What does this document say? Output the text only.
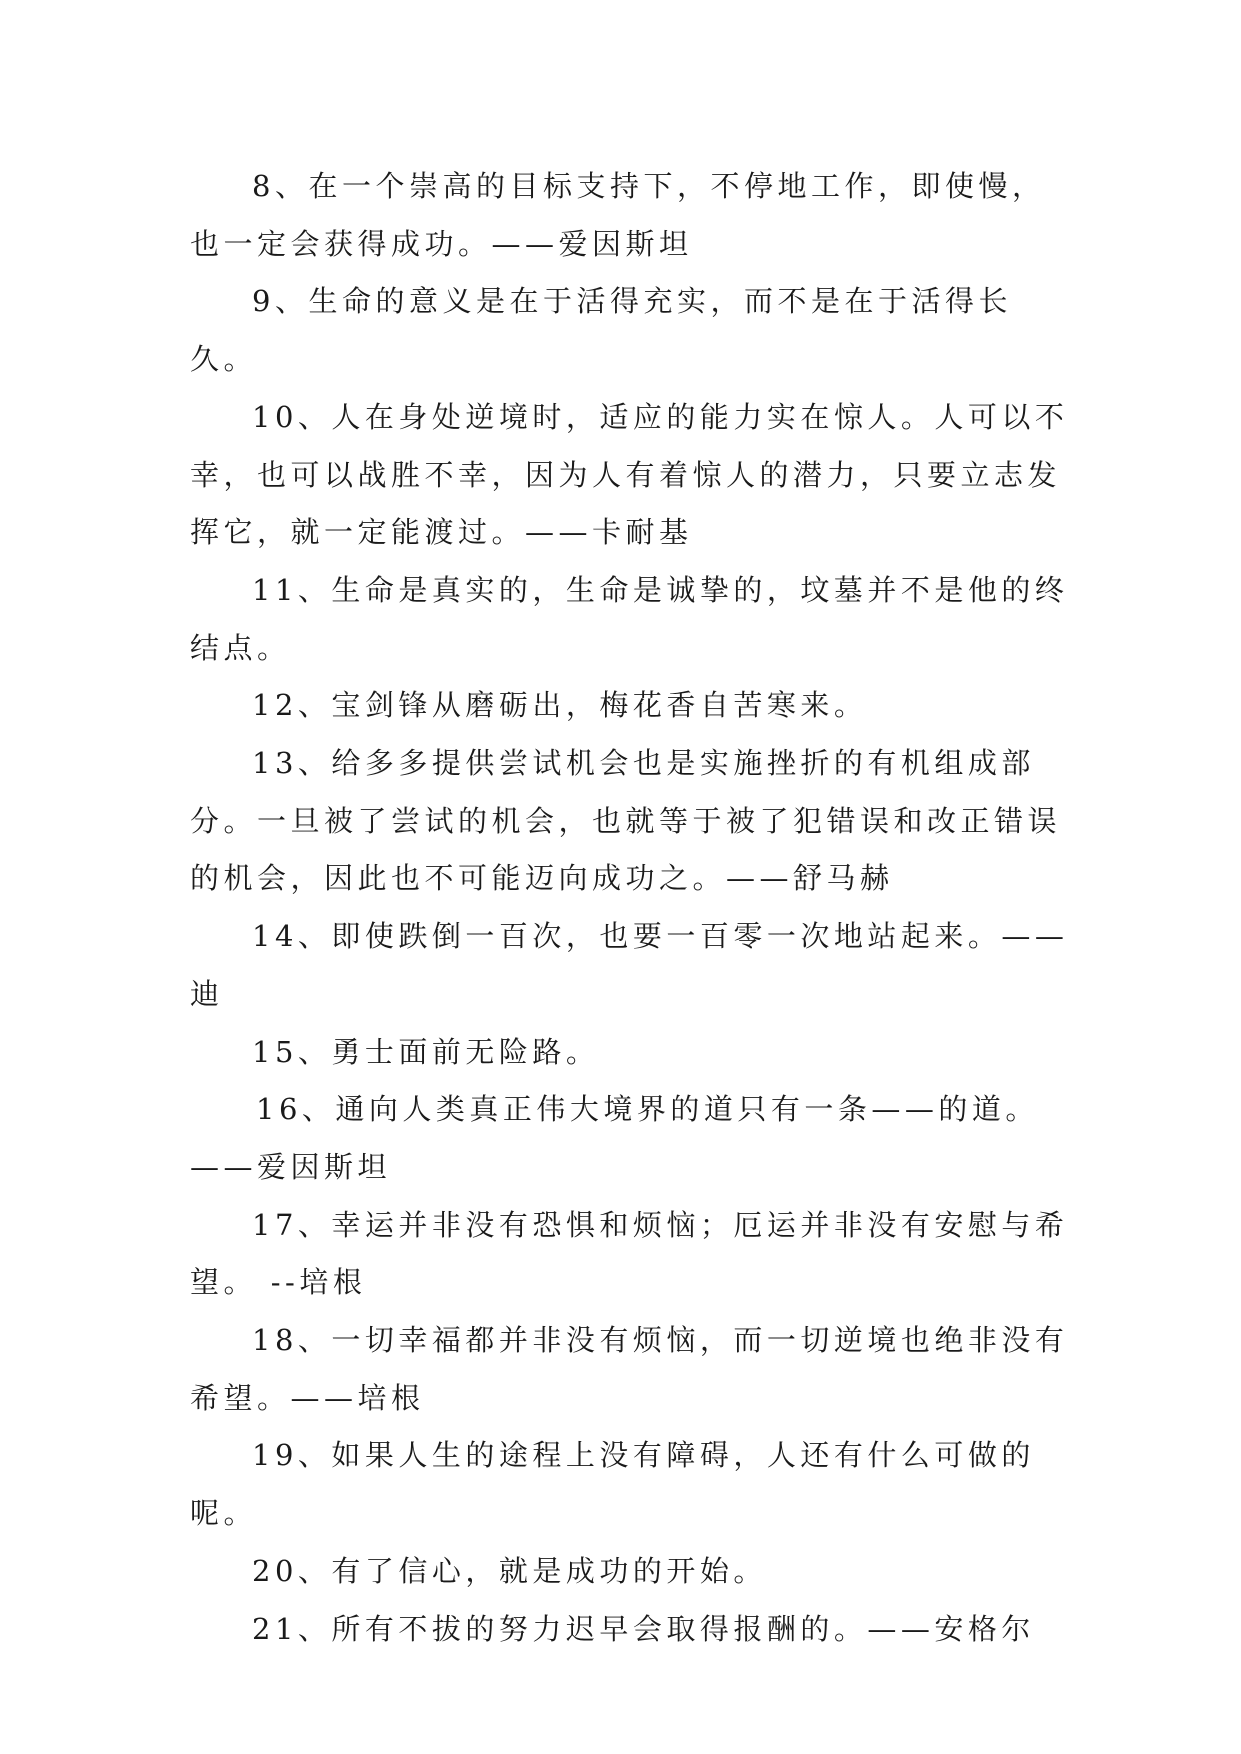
8、在一个崇高的目标支持下，不停地工作，即使慢，也一定会获得成功。——爱因斯坦

9、生命的意义是在于活得充实，而不是在于活得长久。

10、人在身处逆境时，适应的能力实在惊人。人可以不幸，也可以战胜不幸，因为人有着惊人的潜力，只要立志发挥它，就一定能渡过。——卡耐基

11、生命是真实的，生命是诚挚的，坟墓并不是他的终结点。

12、宝剑锋从磨砺出，梅花香自苦寒来。

13、给多多提供尝试机会也是实施挫折的有机组成部分。一旦被了尝试的机会，也就等于被了犯错误和改正错误的机会，因此也不可能迈向成功之。——舒马赫

14、即使跌倒一百次，也要一百零一次地站起来。——迪

15、勇士面前无险路。

16、通向人类真正伟大境界的道只有一条——的道。——爱因斯坦

17、幸运并非没有恐惧和烦恼；厄运并非没有安慰与希望。 --培根

18、一切幸福都并非没有烦恼，而一切逆境也绝非没有希望。——培根

19、如果人生的途程上没有障碍，人还有什么可做的呢。

20、有了信心，就是成功的开始。

21、所有不拔的努力迟早会取得报酬的。——安格尔
